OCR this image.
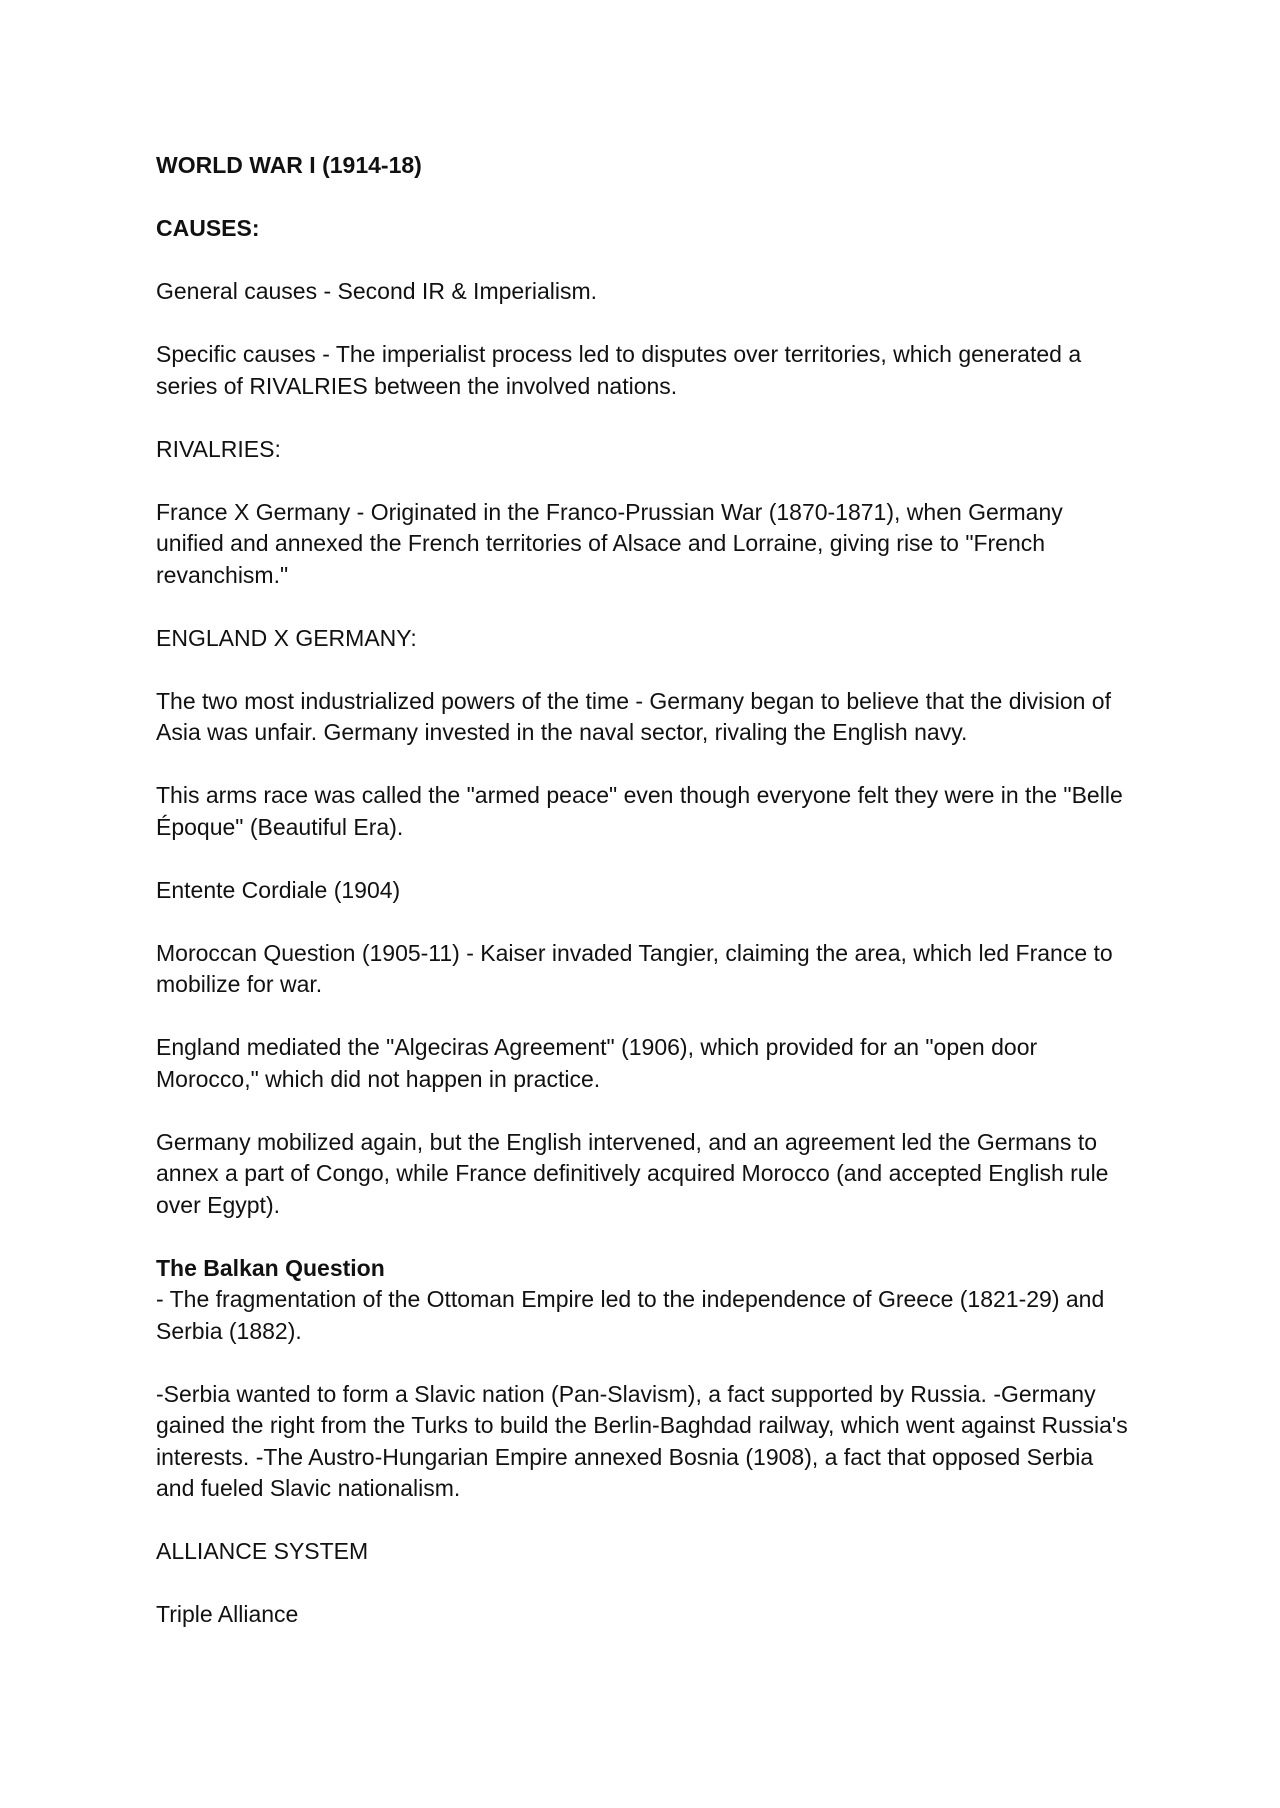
WORLD WAR I (1914-18)

CAUSES:

General causes - Second IR & Imperialism.

Specific causes - The imperialist process led to disputes over territories, which generated a series of RIVALRIES between the involved nations.

RIVALRIES:

France X Germany - Originated in the Franco-Prussian War (1870-1871), when Germany unified and annexed the French territories of Alsace and Lorraine, giving rise to "French revanchism."

ENGLAND X GERMANY:

The two most industrialized powers of the time - Germany began to believe that the division of Asia was unfair. Germany invested in the naval sector, rivaling the English navy.

This arms race was called the "armed peace" even though everyone felt they were in the "Belle Époque" (Beautiful Era).

Entente Cordiale (1904)

Moroccan Question (1905-11) - Kaiser invaded Tangier, claiming the area, which led France to mobilize for war.

England mediated the "Algeciras Agreement" (1906), which provided for an "open door Morocco," which did not happen in practice.

Germany mobilized again, but the English intervened, and an agreement led the Germans to annex a part of Congo, while France definitively acquired Morocco (and accepted English rule over Egypt).

The Balkan Question

- The fragmentation of the Ottoman Empire led to the independence of Greece (1821-29) and Serbia (1882).

-Serbia wanted to form a Slavic nation (Pan-Slavism), a fact supported by Russia. -Germany gained the right from the Turks to build the Berlin-Baghdad railway, which went against Russia's interests. -The Austro-Hungarian Empire annexed Bosnia (1908), a fact that opposed Serbia and fueled Slavic nationalism.

ALLIANCE SYSTEM

Triple Alliance
